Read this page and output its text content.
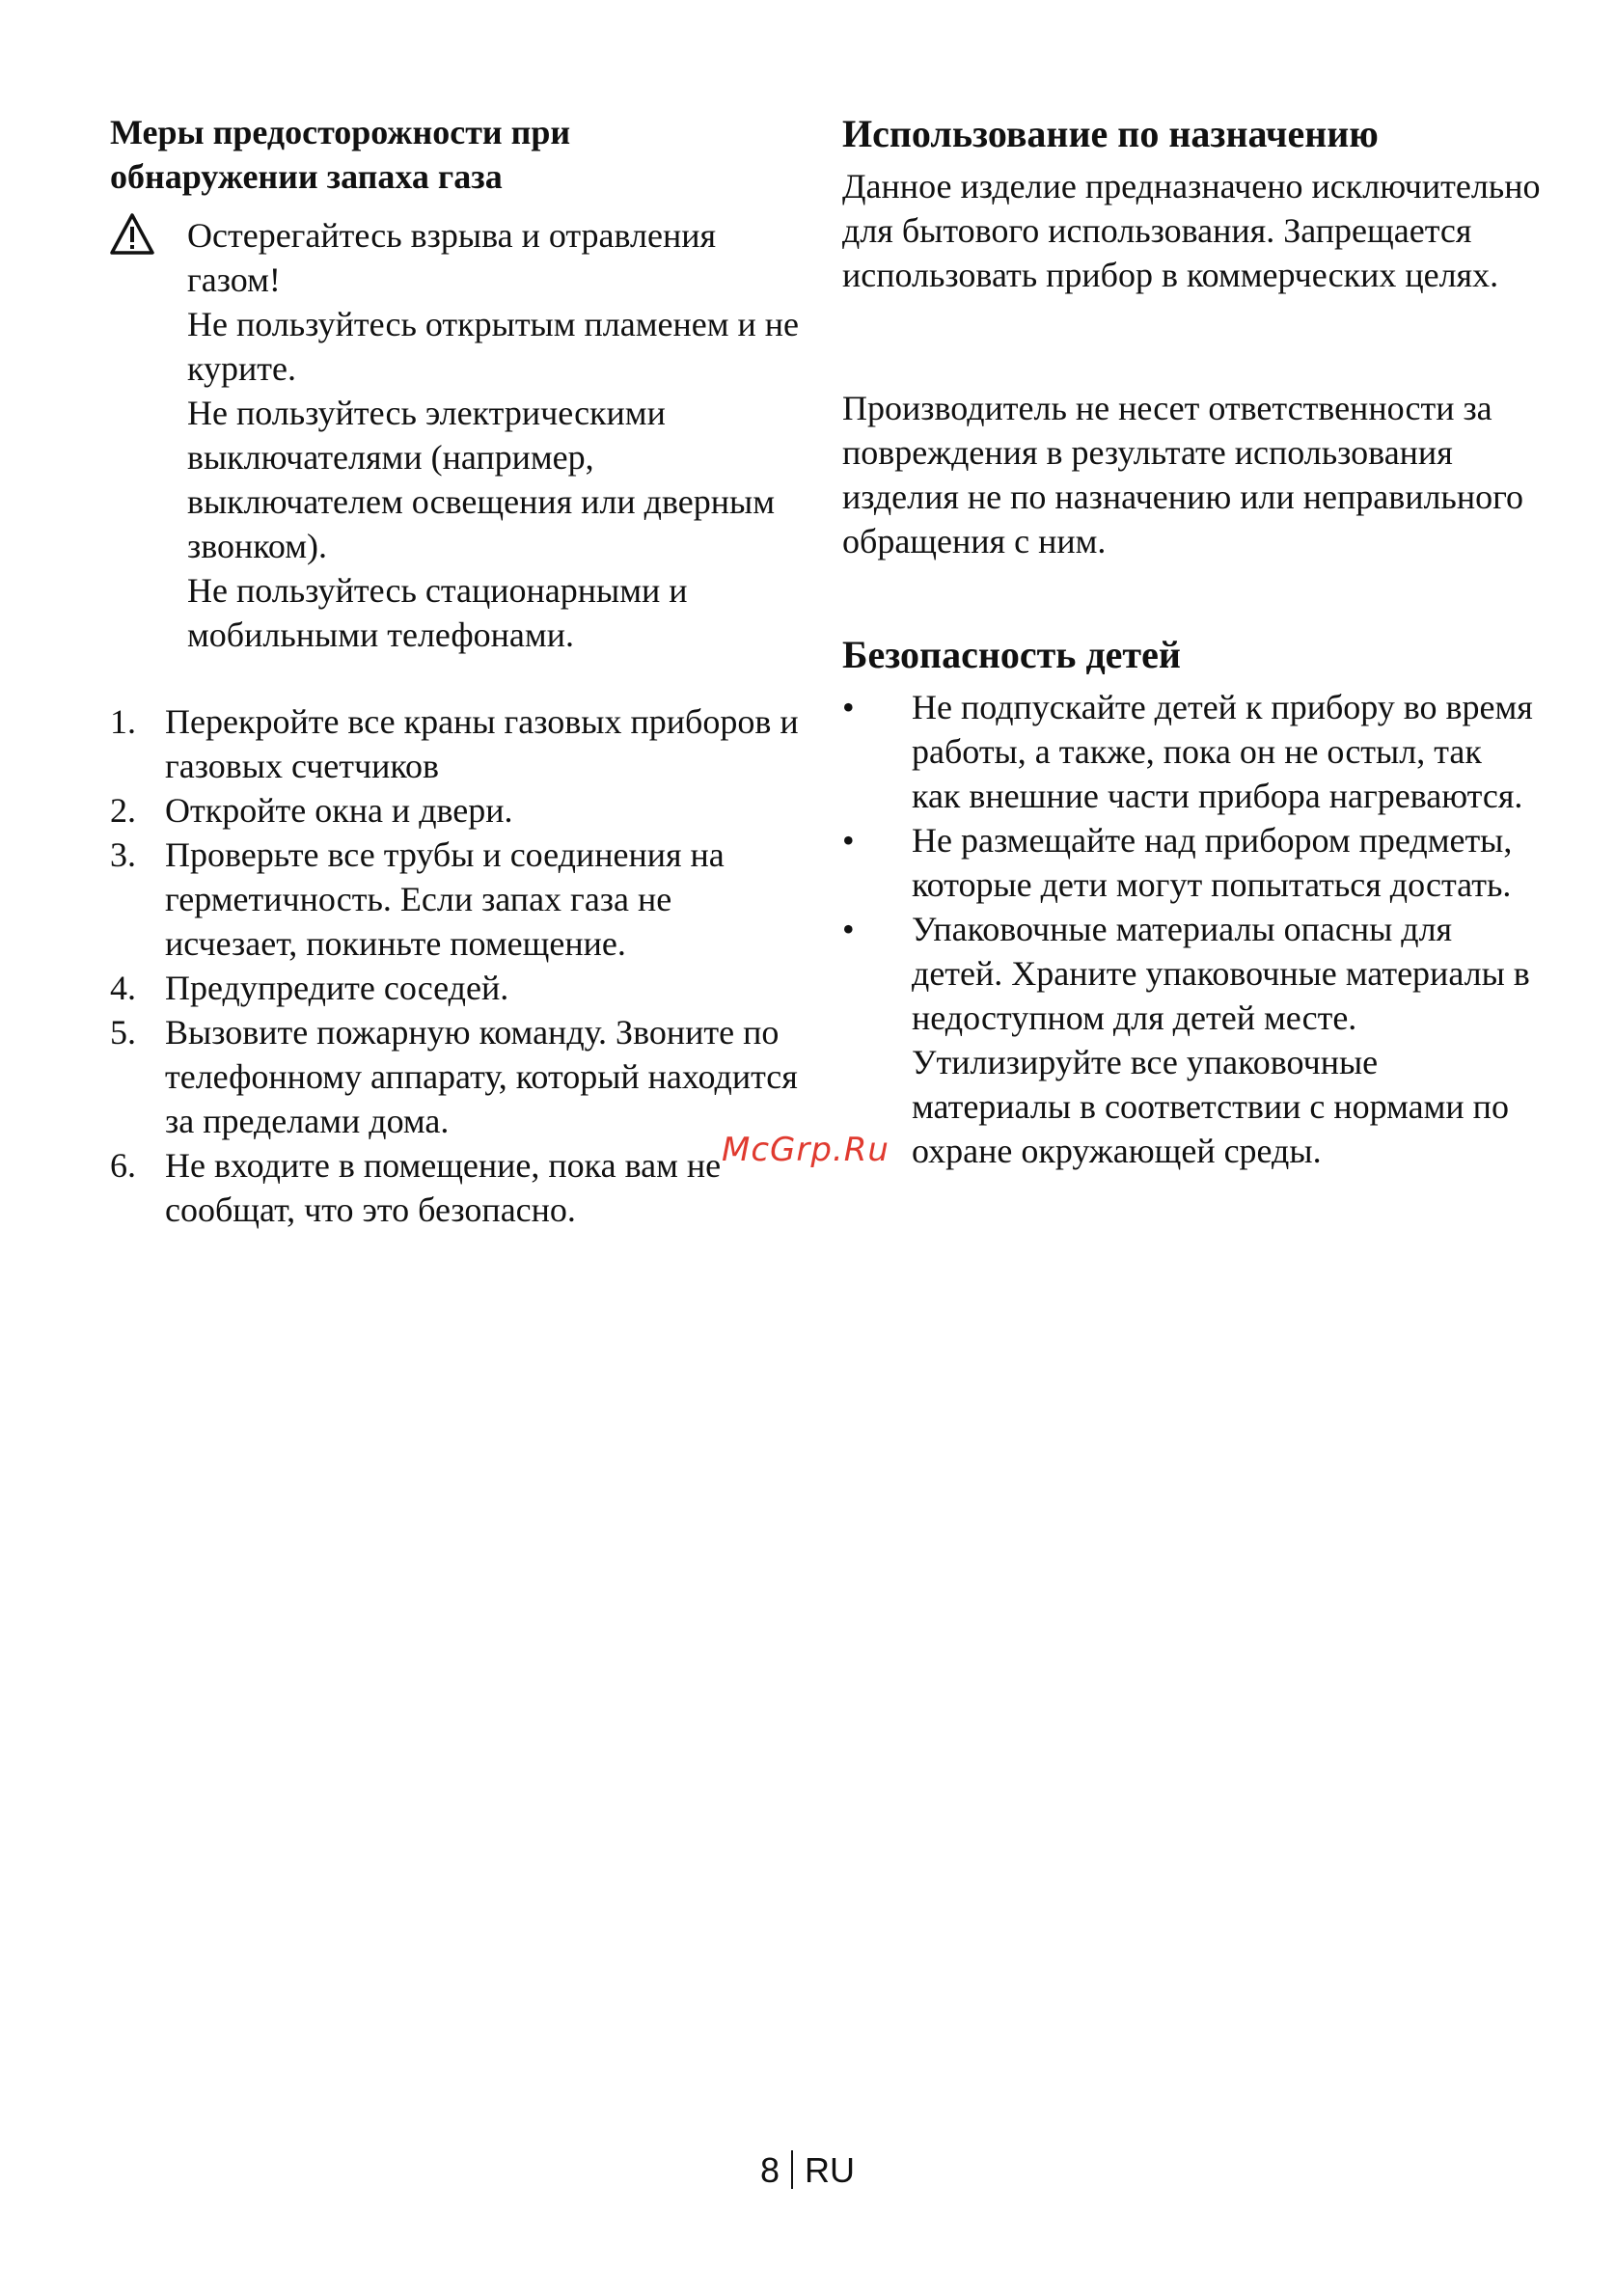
Меры предосторожности при
обнаружении запаха газа

Остерегайтесь взрыва и отравления газом!

Не пользуйтесь открытым пламенем и не курите.

Не пользуйтесь электрическими выключателями (например, выключателем освещения или дверным звонком).

Не пользуйтесь стационарными и мобильными телефонами.

1. Перекройте все краны газовых приборов и газовых счетчиков
2. Откройте окна и двери.
3. Проверьте все трубы и соединения на герметичность. Если запах газа не исчезает, покиньте помещение.
4. Предупредите соседей.
5. Вызовите пожарную команду. Звоните по телефонному аппарату, который находится за пределами дома.
6. Не входите в помещение, пока вам не сообщат, что это безопасно.
Использование по назначению

Данное изделие предназначено исключительно для бытового использования. Запрещается использовать прибор в коммерческих целях.

Производитель не несет ответственности за повреждения в результате использования изделия не по назначению или неправильного обращения с ним.

Безопасность детей
• Не подпускайте детей к прибору во время работы, а также, пока он не остыл, так как внешние части прибора нагреваются.
• Не размещайте над прибором предметы, которые дети могут попытаться достать.
• Упаковочные материалы опасны для детей. Храните упаковочные материалы в недоступном для детей месте. Утилизируйте все упаковочные материалы в соответствии с нормами по охране окружающей среды.
McGrp.Ru
8 RU
